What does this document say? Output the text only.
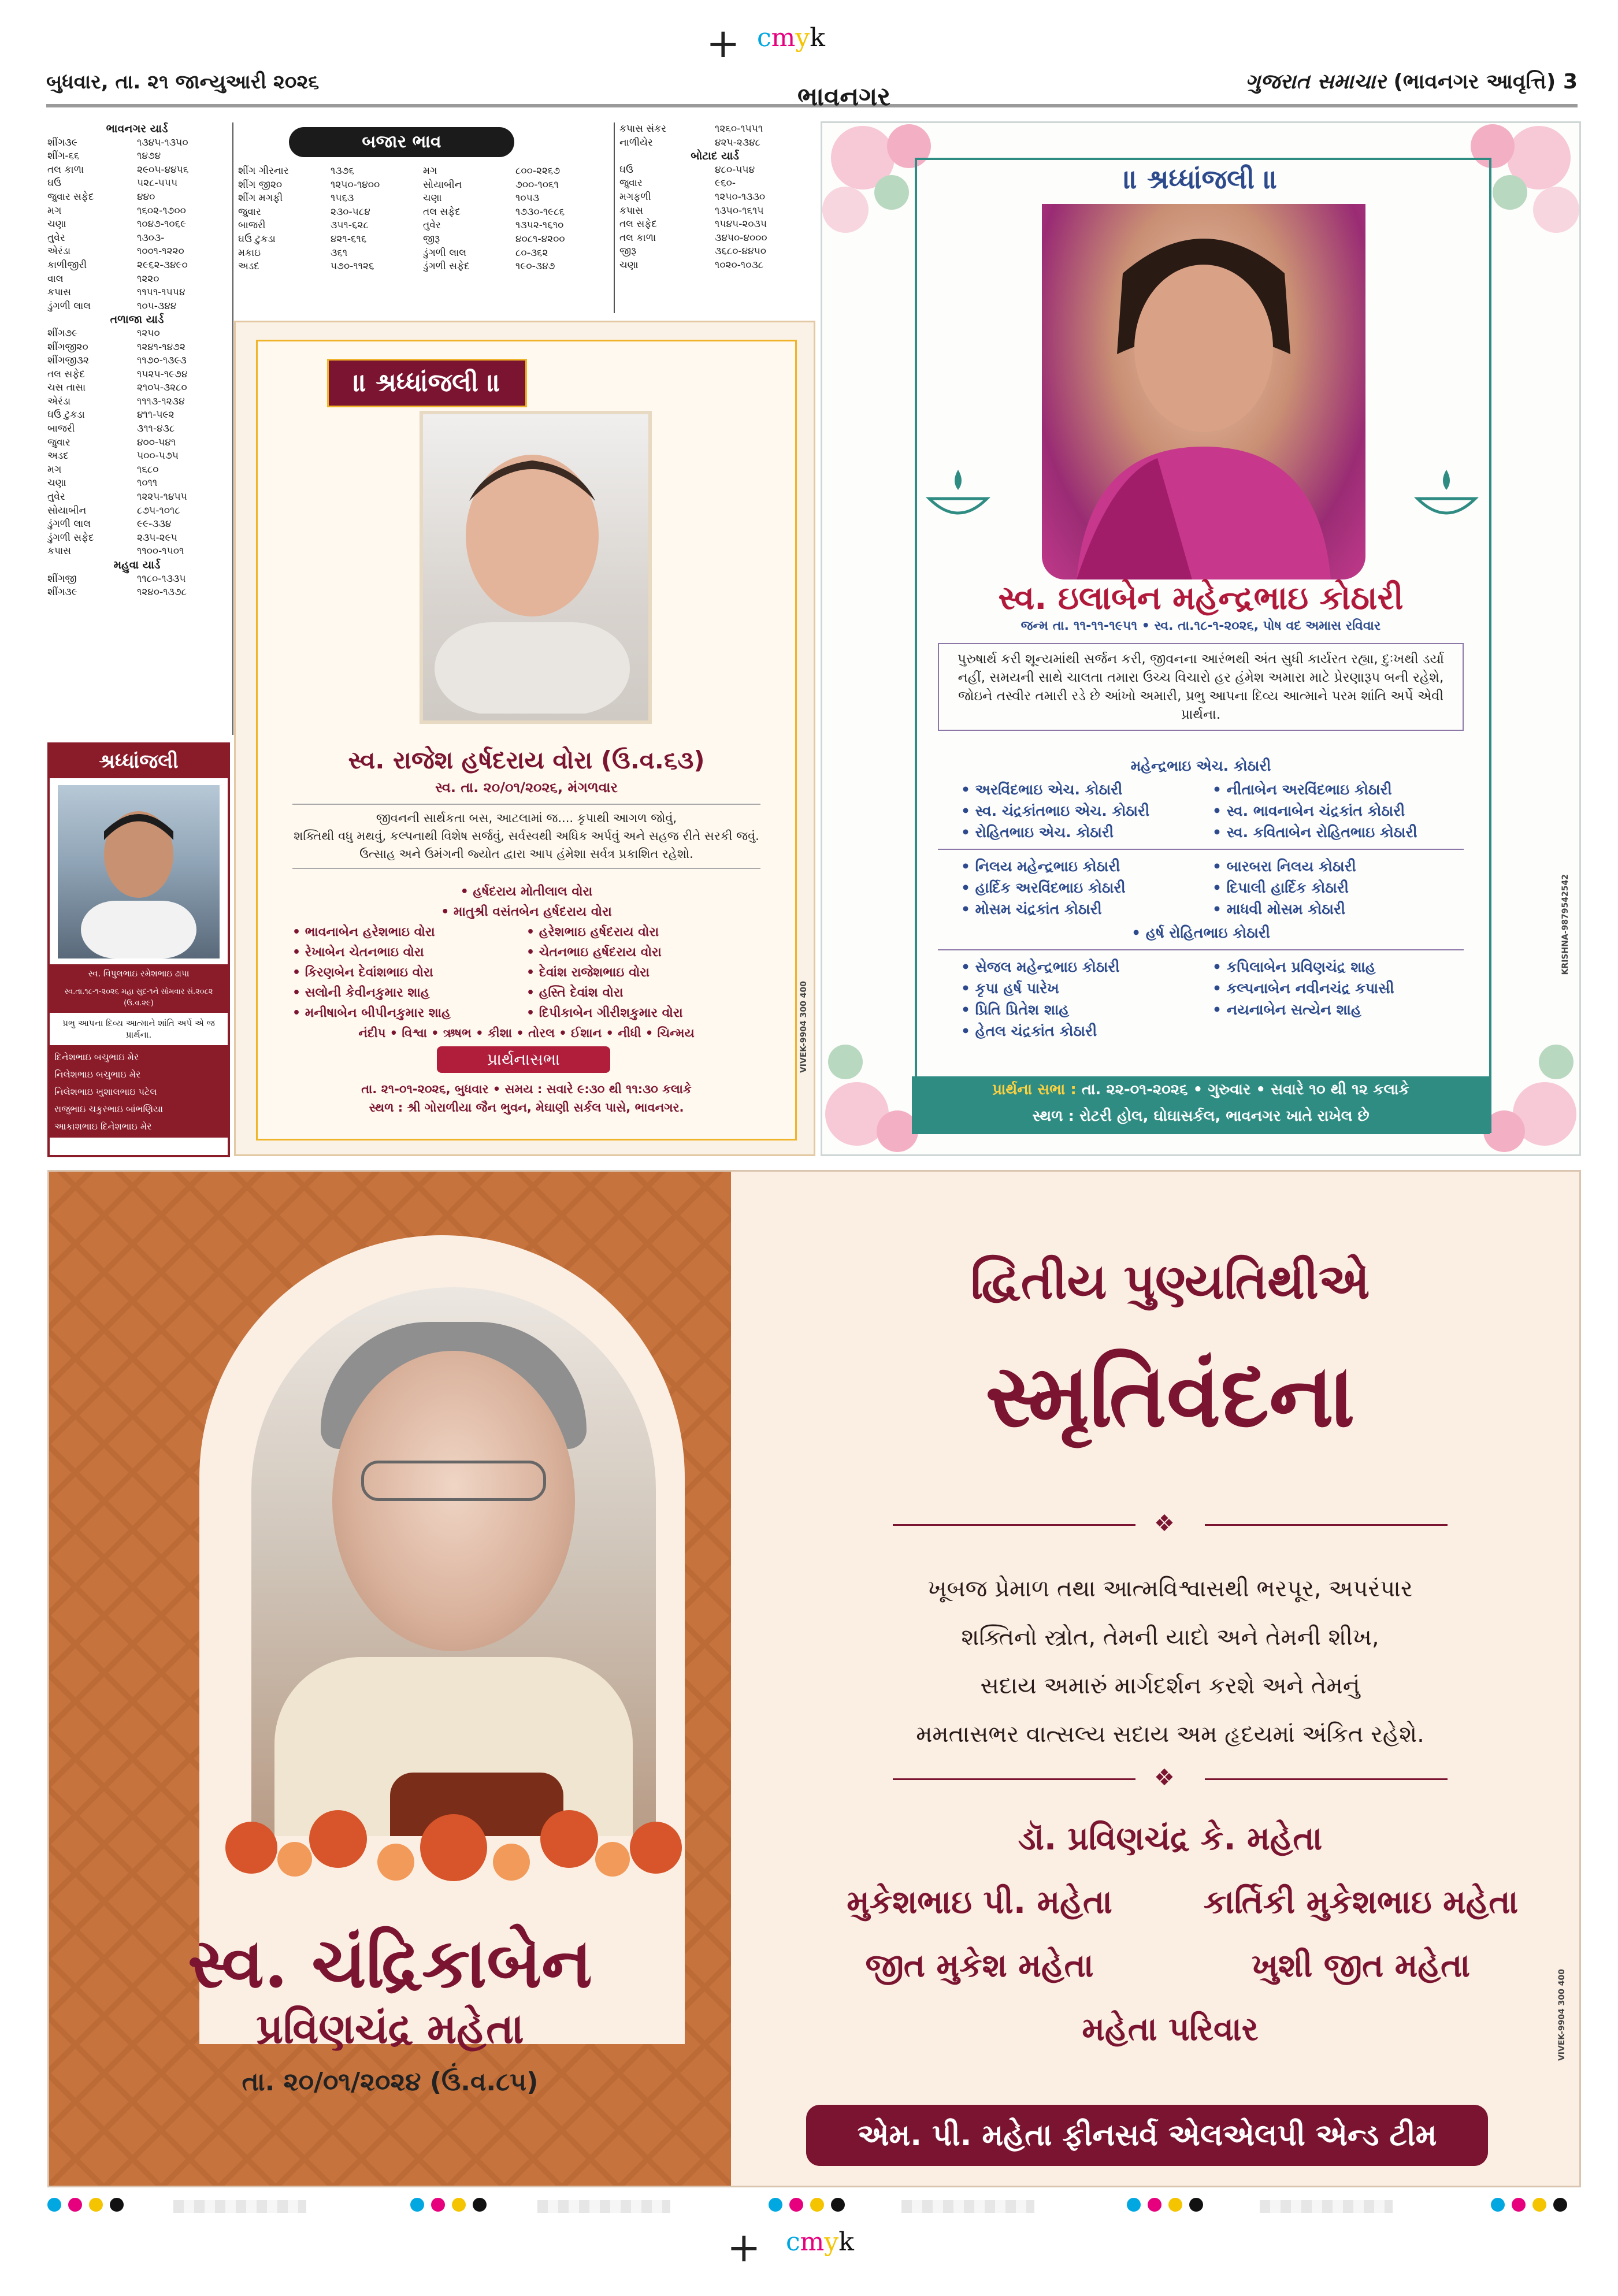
+ cmyk
બુધવાર, તા. ૨૧ જાન્યુઆરી ૨૦૨૬	ભાવનગર
ગુજરાત સમાચાર (ભાવનગર આવૃત્તિ) 3
ભાવનગર યાર્ડ
શીંગ૩૯	૧૩૪૫-૧૩૫૦
શીંગ-૬૬	૧૪૭૪
તલ કાળા	૨૯૦૫-૪૪૫૬
ઘઉં	૫૨૮-૫૫૫
જુવાર સફેદ	૪૪૦
મગ	૧૬૦૨-૧૭૦૦
ચણા	૧૦૪૭-૧૦૬૯
તુવેર	૧૩૦૩-
એરંડા	૧૦૦૧-૧૨૨૦
કાળીજીરી	૨૯૬૨-૩૪૯૦
વાલ	૧૨૨૦
કપાસ	૧૧૫૧-૧૫૫૪
ડુંગળી લાલ	૧૦૫-૩૪૪
તળાજા યાર્ડ
શીંગ૭૯	૧૨૫૦
શીંગજી૨૦	૧૨૪૧-૧૪૭૨
શીંગજી૩૨	૧૧૭૦-૧૩૯૩
તલ સફેદ	૧૫૨૫-૧૯૭૪
ચસ તાસા	૨૧૦૫-૩૨૮૦
એરંડા	૧૧૧૩-૧૨૩૪
ઘઉં ટુકડા	૪૧૧-૫૯૨
બાજરી	૩૧૧-૪૩૮
જુવાર	૪૦૦-૫૪૧
અડદ	૫૦૦-૫૭૫
મગ	૧૬૮૦
ચણા	૧૦૧૧
તુવેર	૧૨૨૫-૧૪૫૫
સોયાબીન	૮૭૫-૧૦૧૮
ડુંગળી લાલ	૯૯-૩૩૪
ડુંગળી સફેદ	૨૩૫-૨૯૫
કપાસ	૧૧૦૦-૧૫૦૧
મહુવા યાર્ડ
શીંગજી	૧૧૮૦-૧૩૩૫
શીંગ૩૯	૧૨૪૦-૧૩૭૮
બજાર ભાવ
શીંગ ગીરનાર	૧૩૭૬	મગ	૮૦૦-૨૨૬૭
શીંગ જી૨૦	૧૨૫૦-૧૪૦૦	સોયાબીન	૭૦૦-૧૦૬૧
શીંગ મગફી	૧૫૬૩	ચણા	૧૦૫૩
જુવાર	૨૩૦-૫૮૪	તલ સફેદ	૧૭૩૦-૧૯૮૬
બાજરી	૩૫૧-૬૨૮	તુવેર	૧૩૫૨-૧૬૧૦
ઘઉં ટુકડા	૪૨૧-૬૧૬	જીરૂ	૪૦૮૧-૪૨૦૦
મકાઇ	૩૬૧	ડુંગળી લાલ	૮૦-૩૬૨
અડદ	૫૭૦-૧૧૨૬	ડુંગળી સફેદ	૧૯૦-૩૪૭
કપાસ સંકર	૧૨૬૦-૧૫૫૧
નાળીયેર	૪૨૫-૨૩૪૮
બોટાદ યાર્ડ
ઘઉં	૪૮૦-૫૫૪
જુવાર	૯૬૦-
મગફળી	૧૨૫૦-૧૩૩૦
કપાસ	૧૩૫૦-૧૬૧૫
તલ સફેદ	૧૫૪૫-૨૦૩૫
તલ કાળા	૩૪૫૦-૪૦૦૦
જીરૂ	૩૬૮૦-૪૪૫૦
ચણા	૧૦૨૦-૧૦૩૮
શ્રધ્ધાંજલી
સ્વ. વિપુલભાઇ રમેશભાઇ ઢાપા
સ્વ.તા.૧૮-૧-૨૦૨૬ મહા સુદ-૧ને સોમવાર સં.૨૦૮૨ (ઉ.વ.૨૯)
પ્રભુ આપના દિવ્ય આત્માને શાંતિ અર્પે એ જ પ્રાર્થના.
દિનેશભાઇ બચુભાઇ મેર
નિલેશભાઇ બચુભાઇ મેર
નિલેશભાઇ ખુશાલભાઇ પટેલ
રાજુભાઇ ચકુરભાઇ બાંભણિયા
આકાશભાઇ દિનેશભાઇ મેર
॥ શ્રધ્ધાંજલી ॥
સ્વ. રાજેશ હર્ષદરાય વોરા (ઉ.વ.૬૩)
સ્વ. તા. ૨૦/૦૧/૨૦૨૬, મંગળવાર
જીવનની સાર્થકતા બસ, આટલામાં જ.... કૃપાથી આગળ જોવું,
શક્તિથી વધુ મથવું, કલ્પનાથી વિશેષ સર્જવું, સર્વસ્વથી અધિક અર્પવું અને સહજ રીતે સરકી જવું.
ઉત્સાહ અને ઉમંગની જ્યોત દ્વારા આપ હંમેશા સર્વત્ર પ્રકાશિત રહેશો.
• હર્ષદરાય મોતીલાલ વોરા
• માતુશ્રી વસંતબેન હર્ષદરાય વોરા
• ભાવનાબેન હરેશભાઇ વોરા	• હરેશભાઇ હર્ષદરાય વોરા
• રેખાબેન ચેતનભાઇ વોરા	• ચેતનભાઇ હર્ષદરાય વોરા
• કિરણબેન દેવાંશભાઇ વોરા	• દેવાંશ રાજેશભાઇ વોરા
• સલોની કેવીનકુમાર શાહ	• હસ્તિ દેવાંશ વોરા
• મનીષાબેન બીપીનકુમાર શાહ	• દિપીકાબેન ગીરીશકુમાર વોરા
નંદીપ • વિશ્વા • ઋષભ • કીશા • તોરલ • ઈશાન • નીધી • ચિન્મય
પ્રાર્થનાસભા
તા. ૨૧-૦૧-૨૦૨૬, બુધવાર • સમય : સવારે ૯:૩૦ થી ૧૧:૩૦ કલાકે
સ્થળ : શ્રી ગોરાળીયા જૈન ભુવન, મેઘાણી સર્કલ પાસે, ભાવનગર.
VIVEK-9904 300 400
॥ શ્રધ્ધાંજલી ॥
સ્વ. ઇલાબેન મહેન્દ્રભાઇ કોઠારી
જન્મ તા. ૧૧-૧૧-૧૯૫૧ • સ્વ. તા.૧૮-૧-૨૦૨૬, પોષ વદ અમાસ રવિવાર
પુરુષાર્થ કરી શૂન્યમાંથી સર્જન કરી, જીવનના આરંભથી અંત સુધી કાર્યરત રહ્યા, દુઃખથી ડર્યા નહીં, સમયની સાથે ચાલતા તમારા ઉચ્ચ વિચારો હર હંમેશ અમારા માટે પ્રેરણારૂપ બની રહેશે, જોઇને તસ્વીર તમારી રડે છે આંખો અમારી, પ્રભુ આપના દિવ્ય આત્માને પરમ શાંતિ અર્પે એવી પ્રાર્થના.
મહેન્દ્રભાઇ એચ. કોઠારી
• અરવિંદભાઇ એચ. કોઠારી	• નીતાબેન અરવિંદભાઇ કોઠારી
• સ્વ. ચંદ્રકાંતભાઇ એચ. કોઠારી	• સ્વ. ભાવનાબેન ચંદ્રકાંત કોઠારી
• રોહિતભાઇ એચ. કોઠારી	• સ્વ. કવિતાબેન રોહિતભાઇ કોઠારી
• નિલય મહેન્દ્રભાઇ કોઠારી	• બારબરા નિલય કોઠારી
• હાર્દિક અરવિંદભાઇ કોઠારી	• દિપાલી હાર્દિક કોઠારી
• મોસમ ચંદ્રકાંત કોઠારી	• માધવી મોસમ કોઠારી
• હર્ષ રોહિતભાઇ કોઠારી
• સેજલ મહેન્દ્રભાઇ કોઠારી	• કપિલાબેન પ્રવિણચંદ્ર શાહ
• કૃપા હર્ષ પારેખ	• કલ્પનાબેન નવીનચંદ્ર કપાસી
• પ્રિતિ પ્રિતેશ શાહ	• નયનાબેન સત્યેન શાહ
• હેતલ ચંદ્રકાંત કોઠારી
પ્રાર્થના સભા : તા. ૨૨-૦૧-૨૦૨૬ • ગુરુવાર • સવારે ૧૦ થી ૧૨ કલાકે
સ્થળ : રોટરી હોલ, ઘોઘાસર્કલ, ભાવનગર ખાતે રાખેલ છે
KRISHNA-9879542542
સ્વ. ચંદ્રિકાબેન
પ્રવિણચંદ્ર મહેતા
તા. ૨૦/૦૧/૨૦૨૪ (ઉં.વ.૮૫)
દ્વિતીય પુણ્યતિથીએ
સ્મૃતિવંદના
❖
ખૂબજ પ્રેમાળ તથા આત્મવિશ્વાસથી ભરપૂર, અપરંપાર
શક્તિનો સ્ત્રોત, તેમની યાદો અને તેમની શીખ,
સદાય અમારું માર્ગદર્શન કરશે અને તેમનું
મમતાસભર વાત્સલ્ય સદાય અમ હૃદયમાં અંકિત રહેશે.
❖
ડૉ. પ્રવિણચંદ્ર કે. મહેતા
મુકેશભાઇ પી. મહેતા	કાર્તિકી મુકેશભાઇ મહેતા
જીત મુકેશ મહેતા	ખુશી જીત મહેતા
મહેતા પરિવાર
એમ. પી. મહેતા ફીનસર્વ એલએલપી એન્ડ ટીમ
VIVEK-9904 300 400
+ cmyk
